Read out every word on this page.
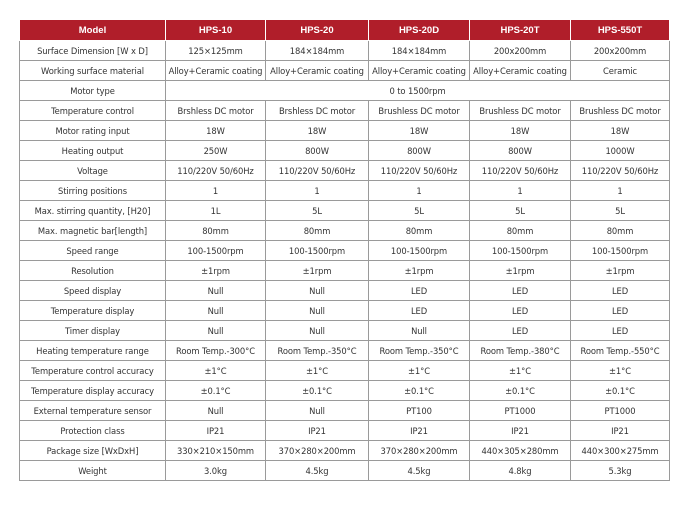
Model	HPS-10	HPS-20	HPS-20D	HPS-20T	HPS-550T
Surface Dimension [W x D]	125×125mm	184×184mm	184×184mm	200x200mm	200x200mm
Working surface material	Alloy+Ceramic coating	Alloy+Ceramic coating	Alloy+Ceramic coating	Alloy+Ceramic coating	Ceramic
Motor type	0 to 1500rpm				
Temperature control	Brshless DC motor	Brshless DC motor	Brushless DC motor	Brushless DC motor	Brushless DC motor
Motor rating input	18W	18W	18W	18W	18W
Heating output	250W	800W	800W	800W	1000W
Voltage	110/220V 50/60Hz	110/220V 50/60Hz	110/220V 50/60Hz	110/220V 50/60Hz	110/220V 50/60Hz
Stirring positions	1	1	1	1	1
Max. stirring quantity, [H20]	1L	5L	5L	5L	5L
Max. magnetic bar[length]	80mm	80mm	80mm	80mm	80mm
Speed range	100-1500rpm	100-1500rpm	100-1500rpm	100-1500rpm	100-1500rpm
Resolution	±1rpm	±1rpm	±1rpm	±1rpm	±1rpm
Speed display	Null	Null	LED	LED	LED
Temperature display	Null	Null	LED	LED	LED
Timer display	Null	Null	Null	LED	LED
Heating temperature range	Room Temp.-300°C	Room Temp.-350°C	Room Temp.-350°C	Room Temp.-380°C	Room Temp.-550°C
Temperature control accuracy	±1°C	±1°C	±1°C	±1°C	±1°C
Temperature display accuracy	±0.1°C	±0.1°C	±0.1°C	±0.1°C	±0.1°C
External temperature sensor	Null	Null	PT100	PT1000	PT1000
Protection class	IP21	IP21	IP21	IP21	IP21
Package size [WxDxH]	330×210×150mm	370×280×200mm	370×280×200mm	440×305×280mm	440×300×275mm
Weight	3.0kg	4.5kg	4.5kg	4.8kg	5.3kg
